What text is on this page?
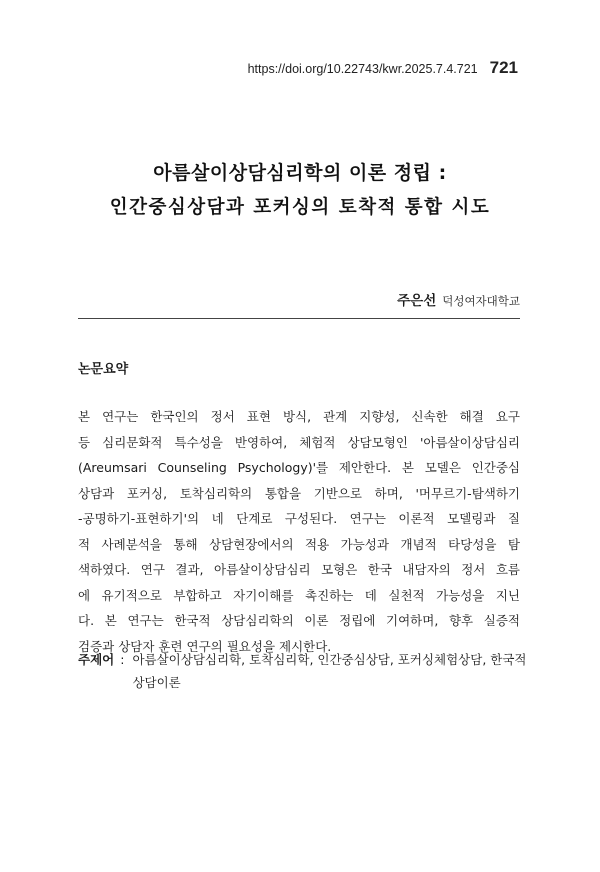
https://doi.org/10.22743/kwr.2025.7.4.721 721
아름살이상담심리학의 이론 정립 :
인간중심상담과 포커싱의 토착적 통합 시도
주은선 덕성여자대학교
논문요약
본 연구는 한국인의 정서 표현 방식, 관계 지향성, 신속한 해결 요구
등 심리문화적 특수성을 반영하여, 체험적 상담모형인 '아름살이상담심리
(Areumsari Counseling Psychology)'를 제안한다. 본 모델은 인간중심
상담과 포커싱, 토착심리학의 통합을 기반으로 하며, '머무르기-탐색하기
-공명하기-표현하기'의 네 단계로 구성된다. 연구는 이론적 모델링과 질
적 사례분석을 통해 상담현장에서의 적용 가능성과 개념적 타당성을 탐
색하였다. 연구 결과, 아름살이상담심리 모형은 한국 내담자의 정서 흐름
에 유기적으로 부합하고 자기이해를 촉진하는 데 실천적 가능성을 지닌
다. 본 연구는 한국적 상담심리학의 이론 정립에 기여하며, 향후 실증적
검증과 상담자 훈련 연구의 필요성을 제시한다.
주제어 : 아름살이상담심리학, 토착심리학, 인간중심상담, 포커싱체험상담, 한국적 상담이론
